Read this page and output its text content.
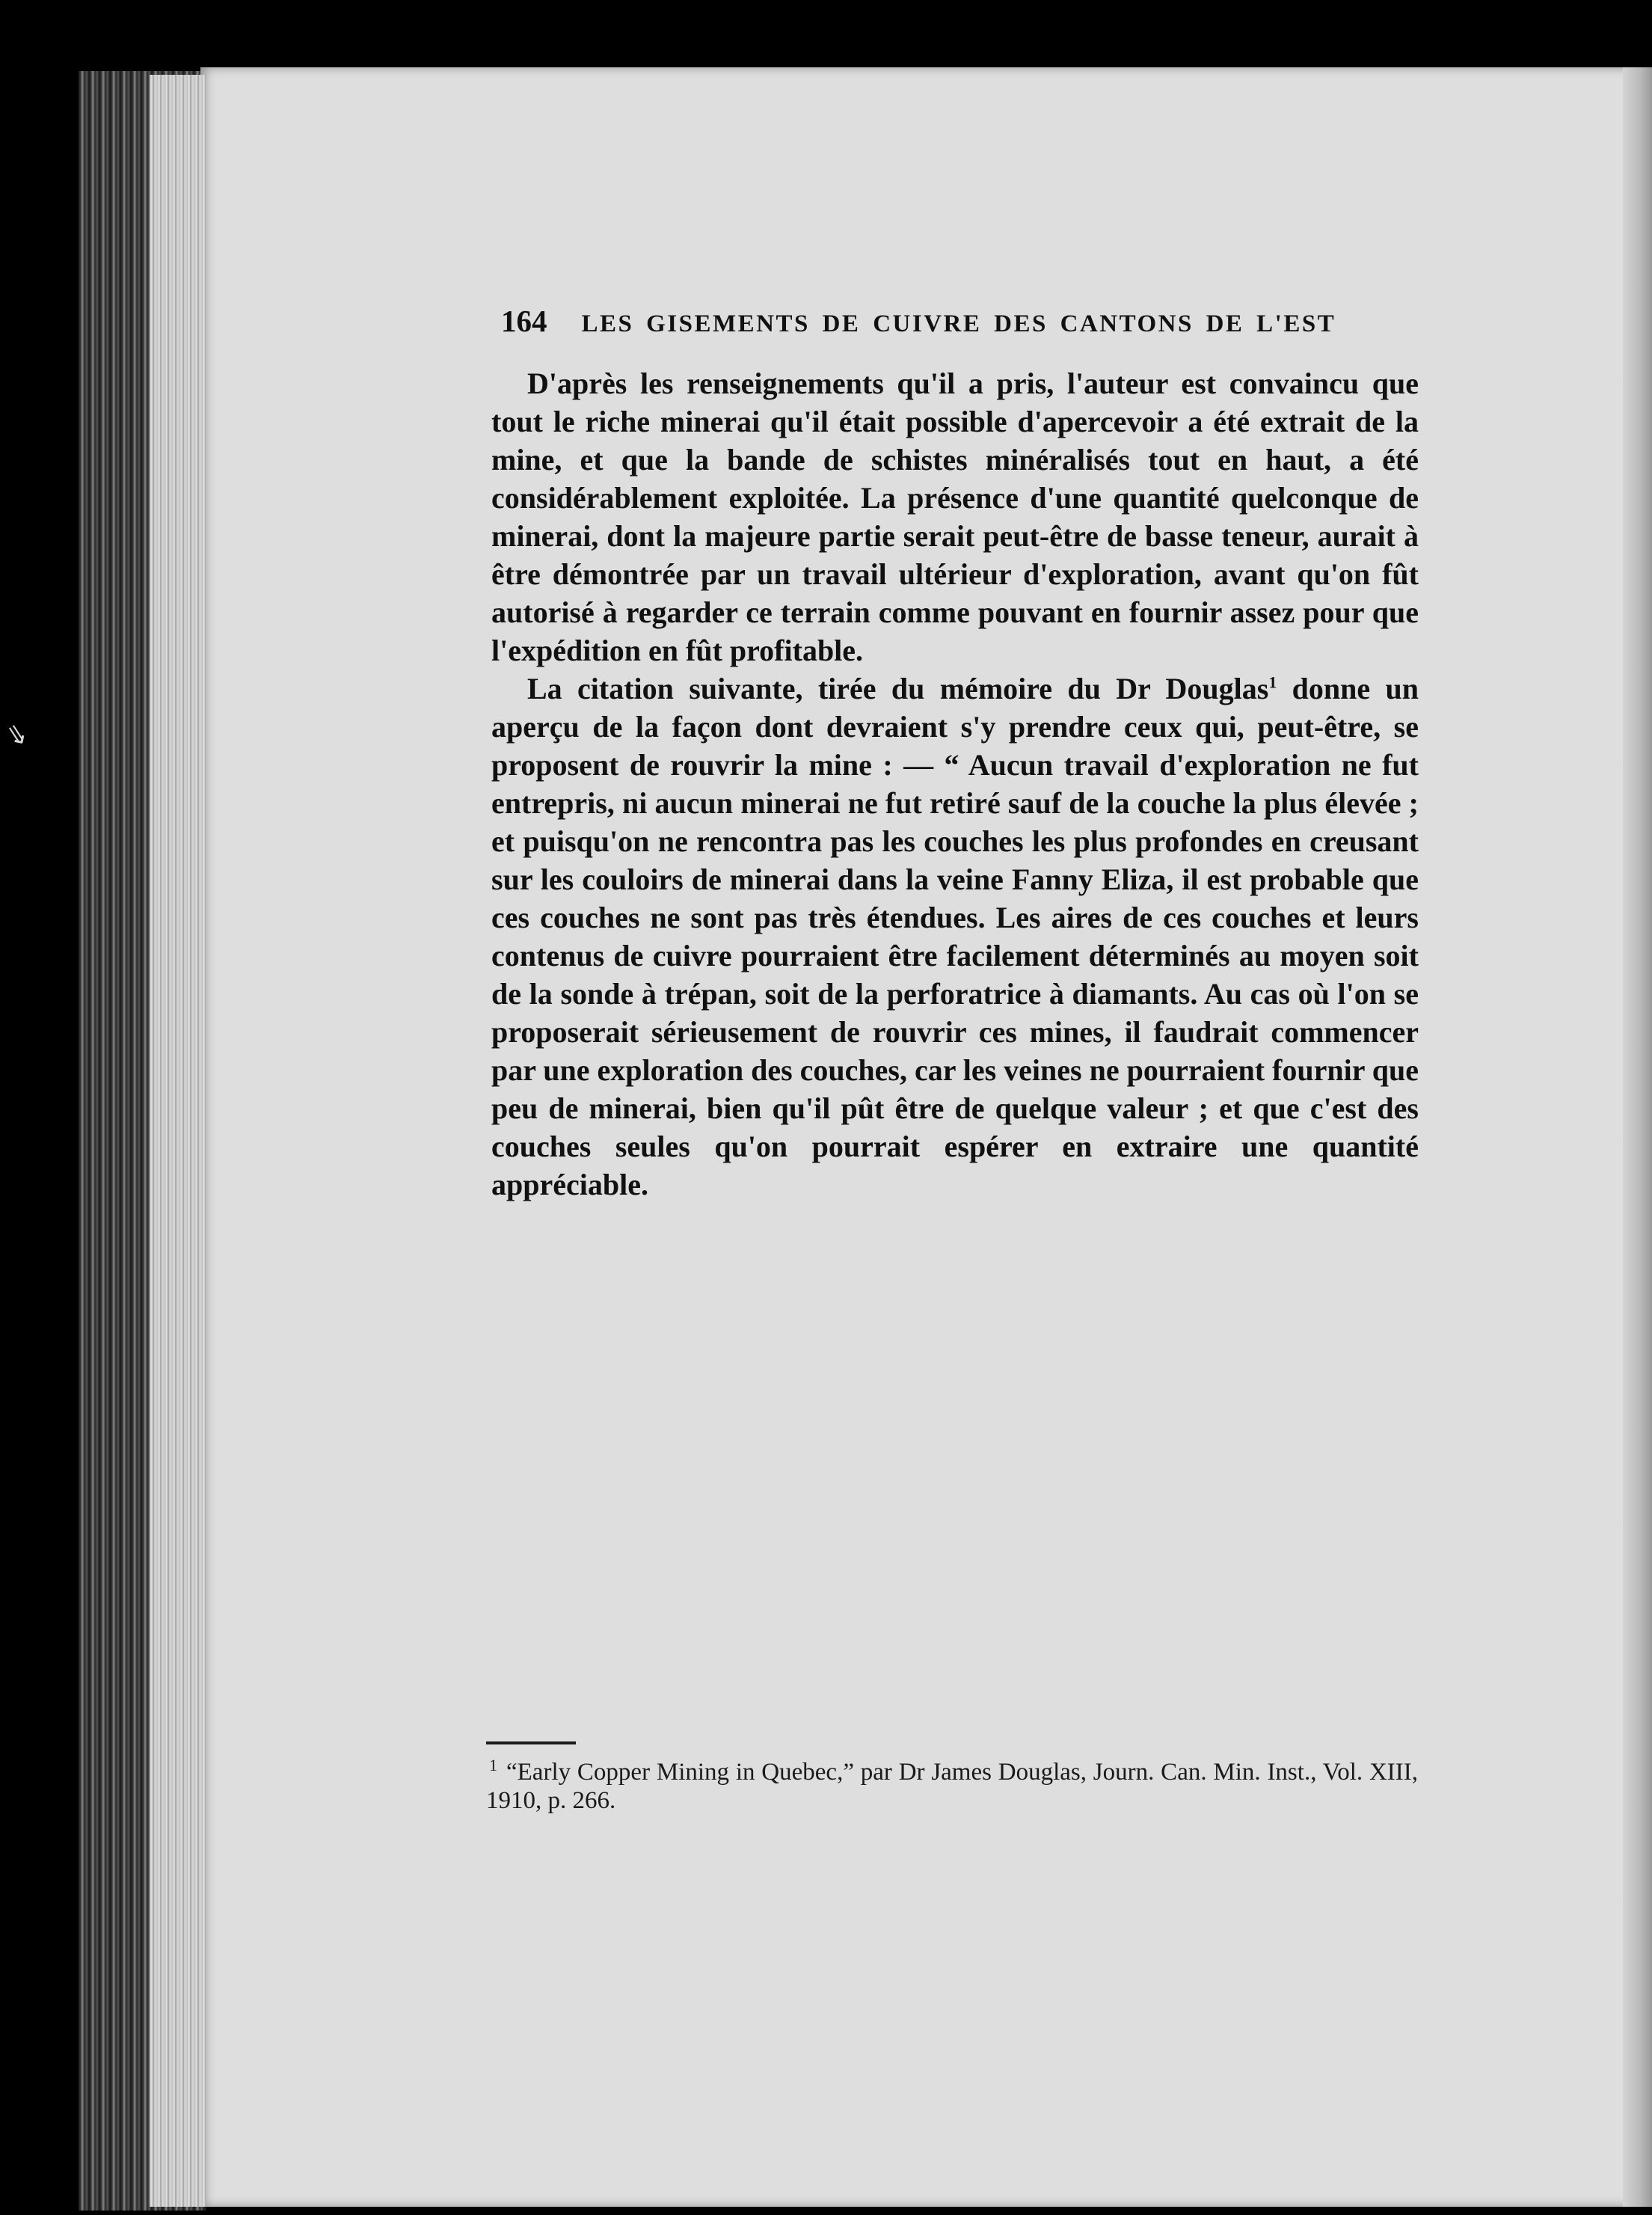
⇘
164 LES GISEMENTS DE CUIVRE DES CANTONS DE L'EST

D'après les renseignements qu'il a pris, l'auteur est convaincu que tout le riche minerai qu'il était possible d'apercevoir a été extrait de la mine, et que la bande de schistes minéralisés tout en haut, a été considérablement exploitée. La présence d'une quantité quelconque de minerai, dont la majeure partie serait peut-être de basse teneur, aurait à être démontrée par un travail ultérieur d'exploration, avant qu'on fût autorisé à regarder ce terrain comme pouvant en fournir assez pour que l'expédition en fût profitable.

La citation suivante, tirée du mémoire du Dr Douglas$^1$ donne un aperçu de la façon dont devraient s'y prendre ceux qui, peut-être, se proposent de rouvrir la mine : — “ Aucun travail d'exploration ne fut entrepris, ni aucun minerai ne fut retiré sauf de la couche la plus élevée ; et puisqu'on ne rencontra pas les couches les plus profondes en creusant sur les couloirs de minerai dans la veine Fanny Eliza, il est probable que ces couches ne sont pas très étendues. Les aires de ces couches et leurs contenus de cuivre pourraient être facilement déterminés au moyen soit de la sonde à trépan, soit de la perforatrice à diamants. Au cas où l'on se proposerait sérieusement de rouvrir ces mines, il faudrait commencer par une exploration des couches, car les veines ne pourraient fournir que peu de minerai, bien qu'il pût être de quelque valeur ; et que c'est des couches seules qu'on pourrait espérer en extraire une quantité appréciable.

$^1$ “Early Copper Mining in Quebec,” par Dr James Douglas, Journ. Can. Min. Inst., Vol. XIII, 1910, p. 266.
